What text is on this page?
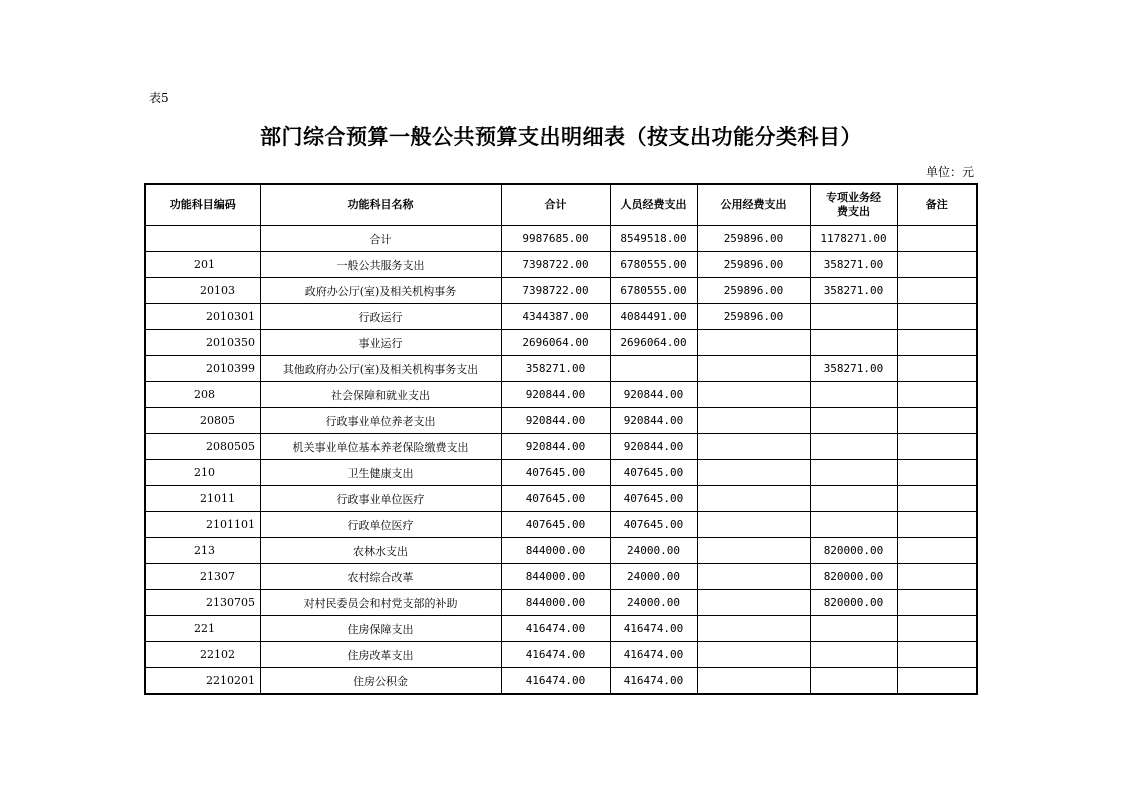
表5
部门综合预算一般公共预算支出明细表（按支出功能分类科目）
单位：元
功能科目编码	功能科目名称	合计	人员经费支出	公用经费支出	专项业务经费支出	备注
	合计	9987685.00	8549518.00	259896.00	1178271.00	
201	一般公共服务支出	7398722.00	6780555.00	259896.00	358271.00	
20103	政府办公厅(室)及相关机构事务	7398722.00	6780555.00	259896.00	358271.00	
2010301	行政运行	4344387.00	4084491.00	259896.00		
2010350	事业运行	2696064.00	2696064.00			
2010399	其他政府办公厅(室)及相关机构事务支出	358271.00			358271.00	
208	社会保障和就业支出	920844.00	920844.00			
20805	行政事业单位养老支出	920844.00	920844.00			
2080505	机关事业单位基本养老保险缴费支出	920844.00	920844.00			
210	卫生健康支出	407645.00	407645.00			
21011	行政事业单位医疗	407645.00	407645.00			
2101101	行政单位医疗	407645.00	407645.00			
213	农林水支出	844000.00	24000.00		820000.00	
21307	农村综合改革	844000.00	24000.00		820000.00	
2130705	对村民委员会和村党支部的补助	844000.00	24000.00		820000.00	
221	住房保障支出	416474.00	416474.00			
22102	住房改革支出	416474.00	416474.00			
2210201	住房公积金	416474.00	416474.00			
